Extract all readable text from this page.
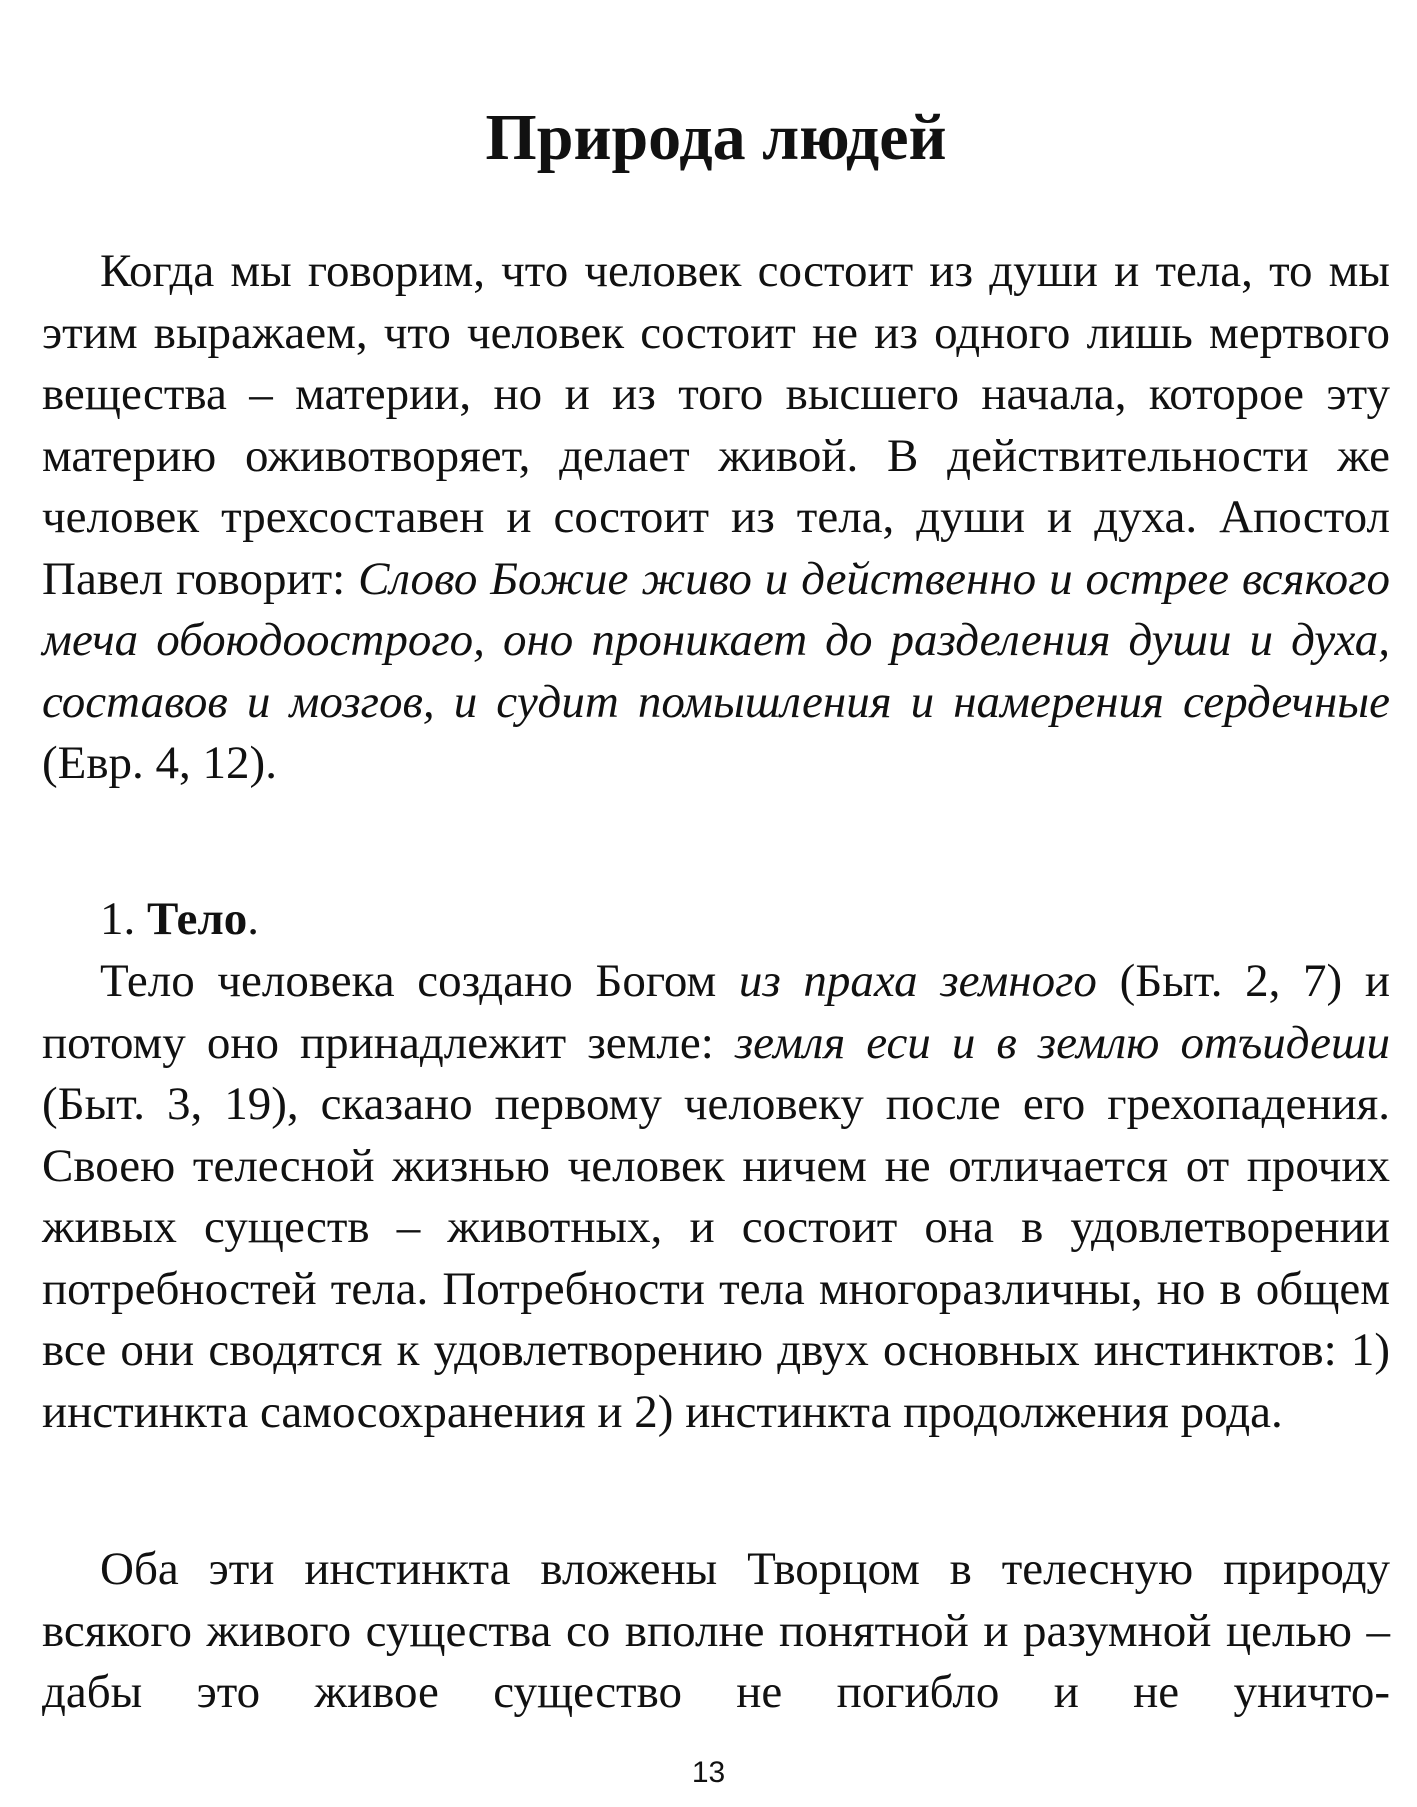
Природа людей

Когда мы говорим, что человек состоит из души и тела, то мы этим выражаем, что человек состоит не из одного лишь мертвого вещества – материи, но и из того высшего начала, которое эту материю оживотворяет, делает живой. В действительности же человек трехсоставен и состоит из тела, души и духа. Апостол Павел говорит: Слово Божие живо и действенно и острее всякого меча обоюдоострого, оно проникает до разделения души и духа, составов и мозгов, и судит помышления и намерения сердечные (Евр. 4, 12).

1. Тело.

Тело человека создано Богом из праха земного (Быт. 2, 7) и потому оно принадлежит земле: земля еси и в землю отъидеши (Быт. 3, 19), сказано первому человеку после его грехопадения. Своею телесной жизнью человек ничем не отличается от прочих живых существ – животных, и состоит она в удовлетворении потребностей тела. Потребности тела многоразличны, но в общем все они сводятся к удовлетворению двух основных инстинктов: 1) инстинкта самосохранения и 2) инстинкта продолжения рода.

Оба эти инстинкта вложены Творцом в телесную природу всякого живого существа со вполне понятной и разумной целью – дабы это живое существо не погибло и не уничто-

13
